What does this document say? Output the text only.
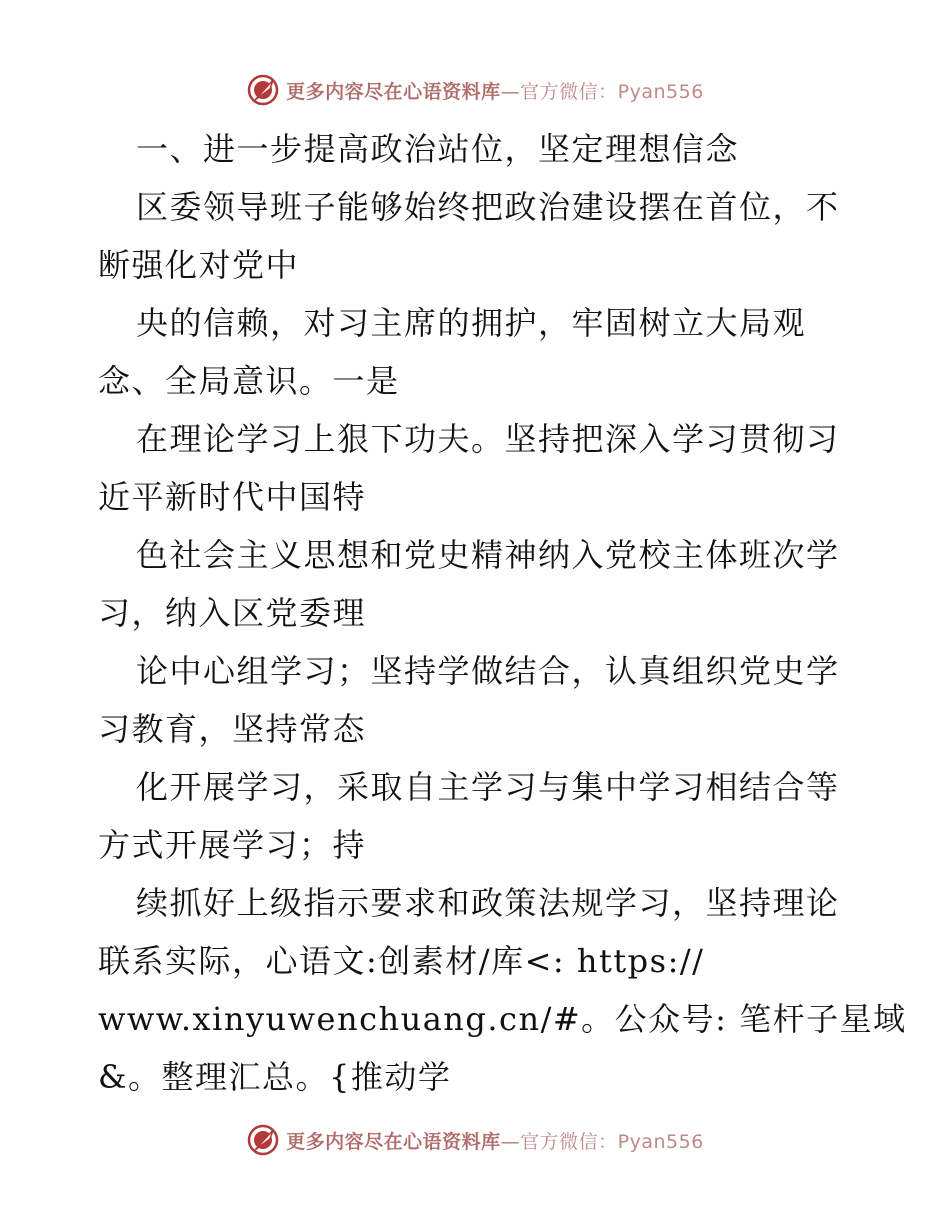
更多内容尽在心语资料库—官方微信：Pyan556
一、进一步提高政治站位，坚定理想信念
区委领导班子能够始终把政治建设摆在首位，不
断强化对党中
央的信赖，对习主席的拥护，牢固树立大局观
念、全局意识。一是
在理论学习上狠下功夫。坚持把深入学习贯彻习
近平新时代中国特
色社会主义思想和党史精神纳入党校主体班次学
习，纳入区党委理
论中心组学习；坚持学做结合，认真组织党史学
习教育，坚持常态
化开展学习，采取自主学习与集中学习相结合等
方式开展学习；持
续抓好上级指示要求和政策法规学习，坚持理论
联系实际，心语文:创素材/库<: https://
www.xinyuwenchuang.cn/#。公众号: 笔杆子星域
&。整理汇总。{推动学
更多内容尽在心语资料库—官方微信：Pyan556
